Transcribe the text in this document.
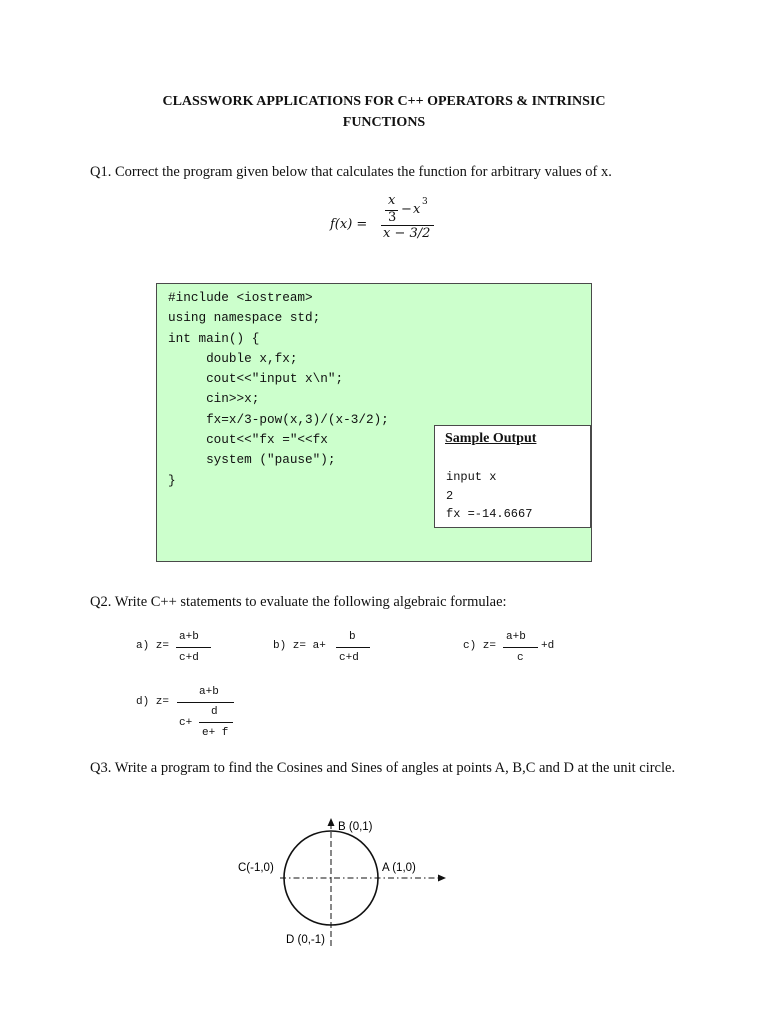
CLASSWORK APPLICATIONS FOR C++ OPERATORS & INTRINSIC
FUNCTIONS
Q1. Correct the program given below that calculates the function for arbitrary values of x.
f(x) =
x
3
− x 3
x − 3/2
#include <iostream>
using namespace std;
int main() {
double x,fx;
cout<<"input x\n";
cin>>x;
fx=x/3-pow(x,3)/(x-3/2);
cout<<"fx ="<<fx
system ("pause");
}
Sample Output
input x
2
fx =-14.6667
Q2. Write C++ statements to evaluate the following algebraic formulae:
a) z=
a+b
c+d
b) z= a+
b
c+d
c) z=
a+b
c
+d
d) z=
a+b
c+
d
e+ f
Q3. Write a program to find the Cosines and Sines of angles at points A, B,C and D at the unit circle.
B (0,1)
A (1,0)
C(-1,0)
D (0,-1)
